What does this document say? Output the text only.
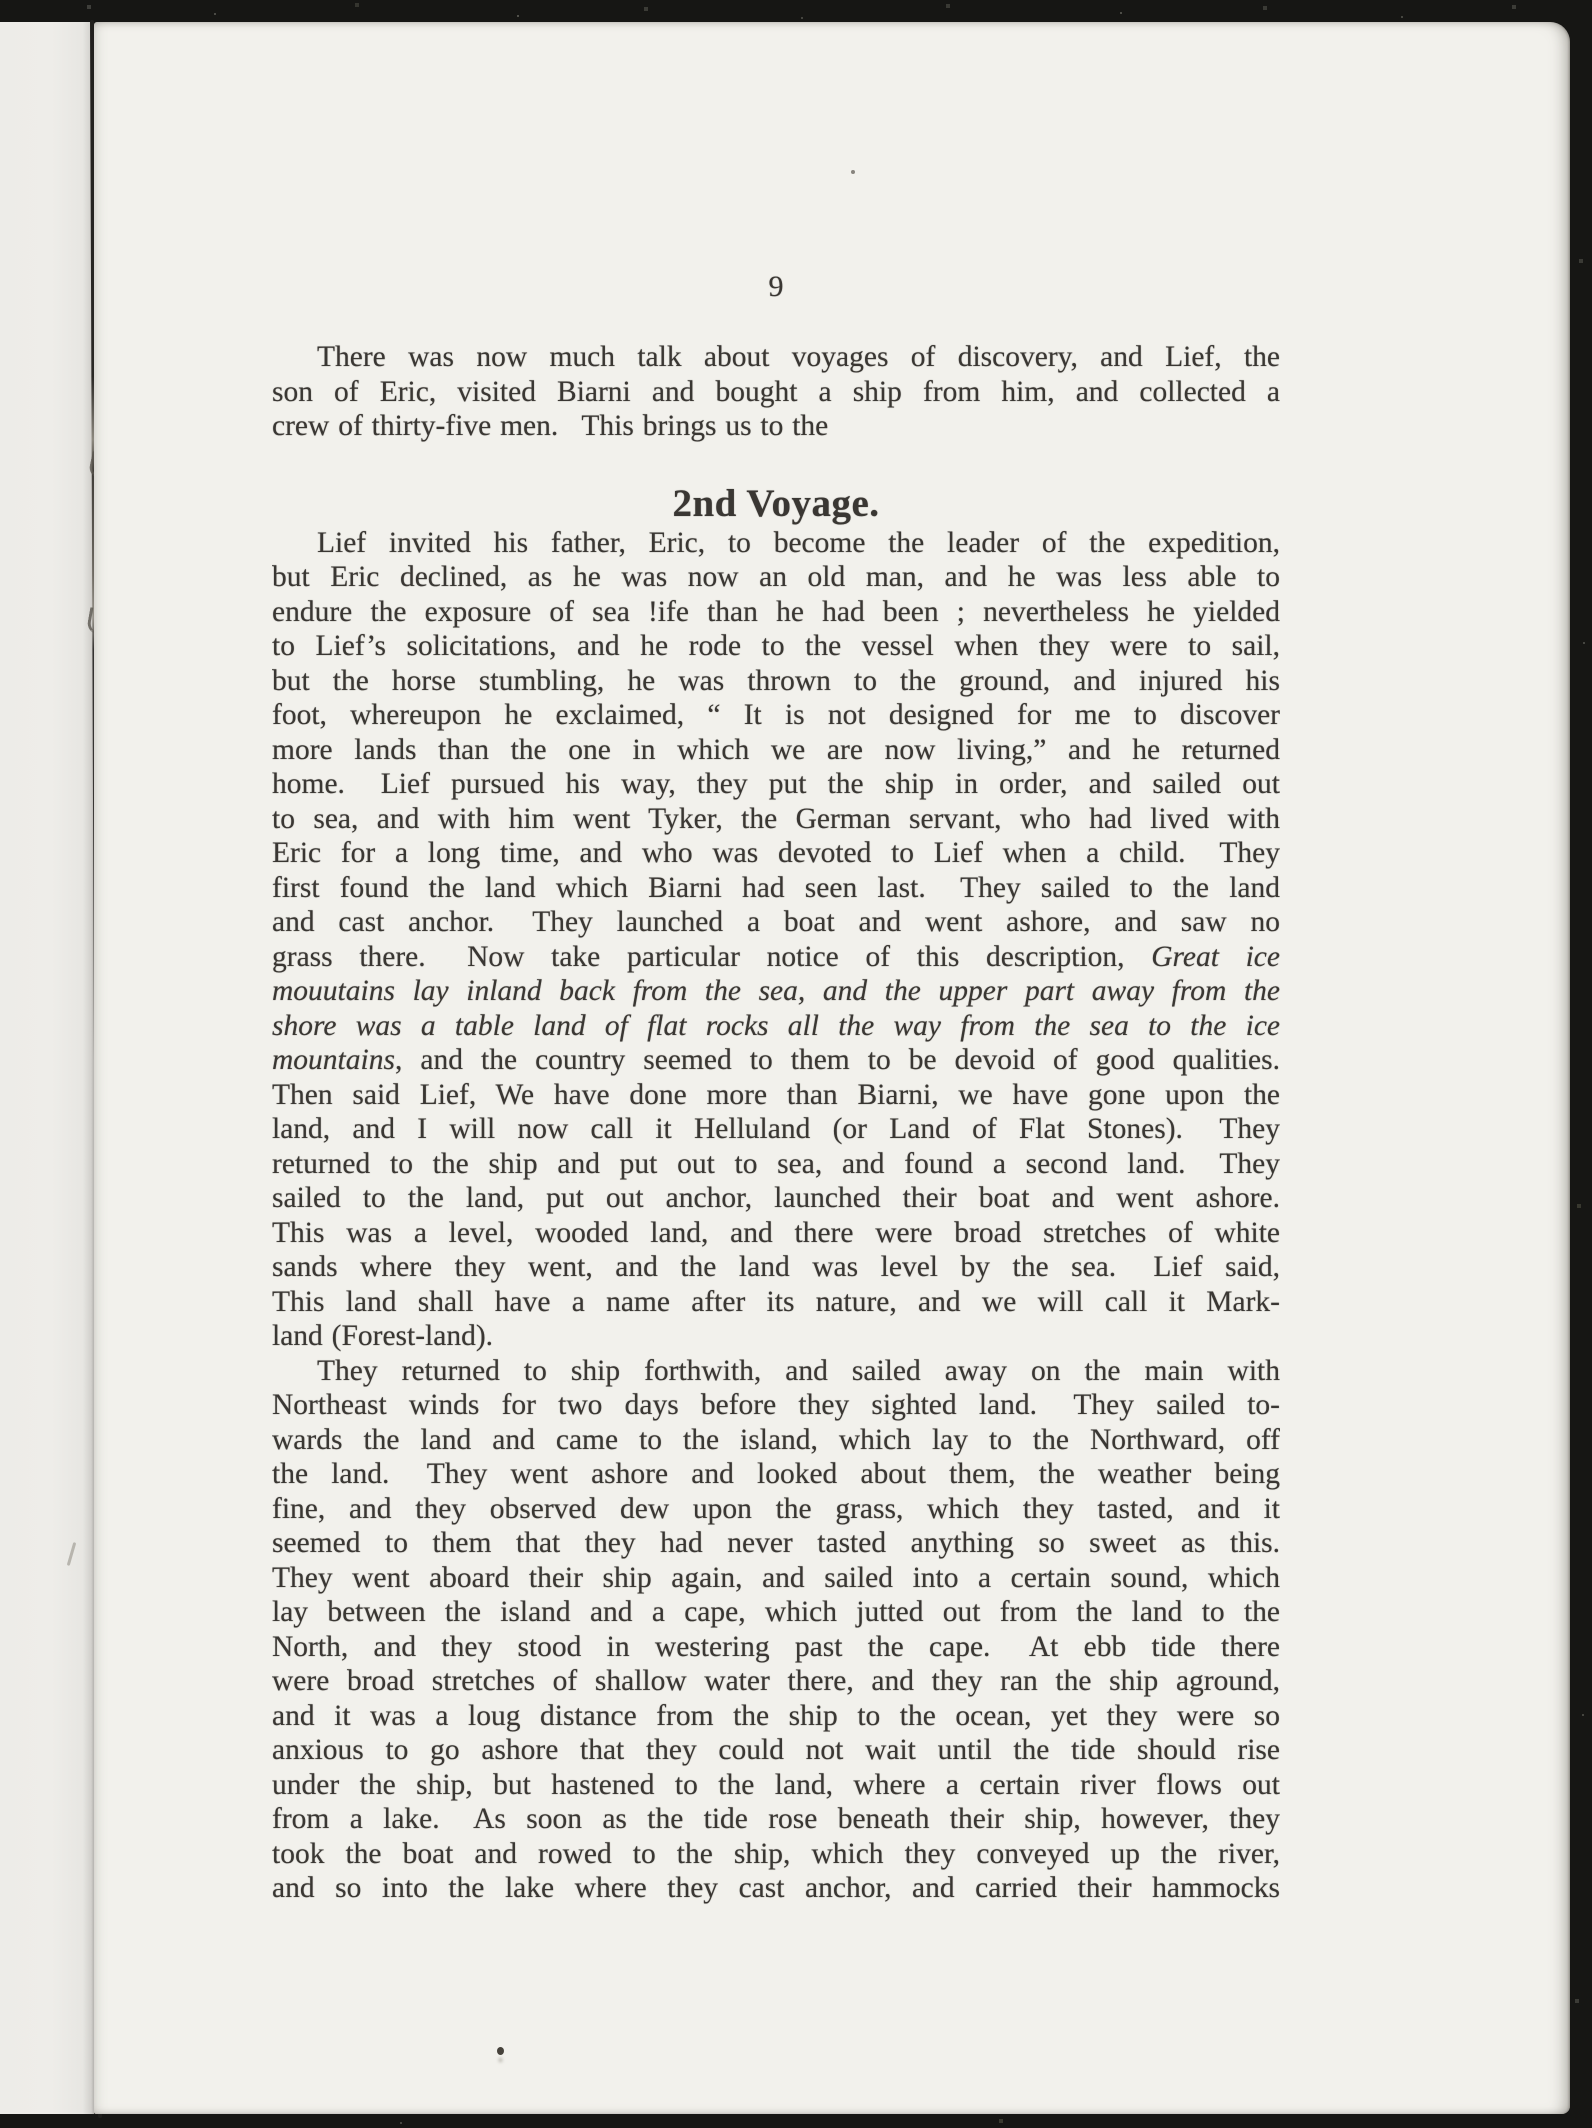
9
There was now much talk about voyages of discovery, and Lief, the
son of Eric, visited Biarni and bought a ship from him, and collected a
crew of thirty-five men.  This brings us to the
2nd Voyage.
Lief invited his father, Eric, to become the leader of the expedition,
but Eric declined, as he was now an old man, and he was less able to
endure the exposure of sea !ife than he had been ; nevertheless he yielded
to Lief’s solicitations, and he rode to the vessel when they were to sail,
but the horse stumbling, he was thrown to the ground, and injured his
foot, whereupon he exclaimed, “ It is not designed for me to discover
more lands than the one in which we are now living,” and he returned
home.  Lief pursued his way, they put the ship in order, and sailed out
to sea, and with him went Tyker, the German servant, who had lived with
Eric for a long time, and who was devoted to Lief when a child.  They
first found the land which Biarni had seen last.  They sailed to the land
and cast anchor.  They launched a boat and went ashore, and saw no
grass there.  Now take particular notice of this description, Great ice
mouutains lay inland back from the sea, and the upper part away from the
shore was a table land of flat rocks all the way from the sea to the ice
mountains, and the country seemed to them to be devoid of good qualities.
Then said Lief, We have done more than Biarni, we have gone upon the
land, and I will now call it Helluland (or Land of Flat Stones).  They
returned to the ship and put out to sea, and found a second land.  They
sailed to the land, put out anchor, launched their boat and went ashore.
This was a level, wooded land, and there were broad stretches of white
sands where they went, and the land was level by the sea.  Lief said,
This land shall have a name after its nature, and we will call it Mark-
land (Forest-land).
They returned to ship forthwith, and sailed away on the main with
Northeast winds for two days before they sighted land.  They sailed to-
wards the land and came to the island, which lay to the Northward, off
the land.  They went ashore and looked about them, the weather being
fine, and they observed dew upon the grass, which they tasted, and it
seemed to them that they had never tasted anything so sweet as this.
They went aboard their ship again, and sailed into a certain sound, which
lay between the island and a cape, which jutted out from the land to the
North, and they stood in westering past the cape.  At ebb tide there
were broad stretches of shallow water there, and they ran the ship aground,
and it was a loug distance from the ship to the ocean, yet they were so
anxious to go ashore that they could not wait until the tide should rise
under the ship, but hastened to the land, where a certain river flows out
from a lake.  As soon as the tide rose beneath their ship, however, they
took the boat and rowed to the ship, which they conveyed up the river,
and so into the lake where they cast anchor, and carried their hammocks
